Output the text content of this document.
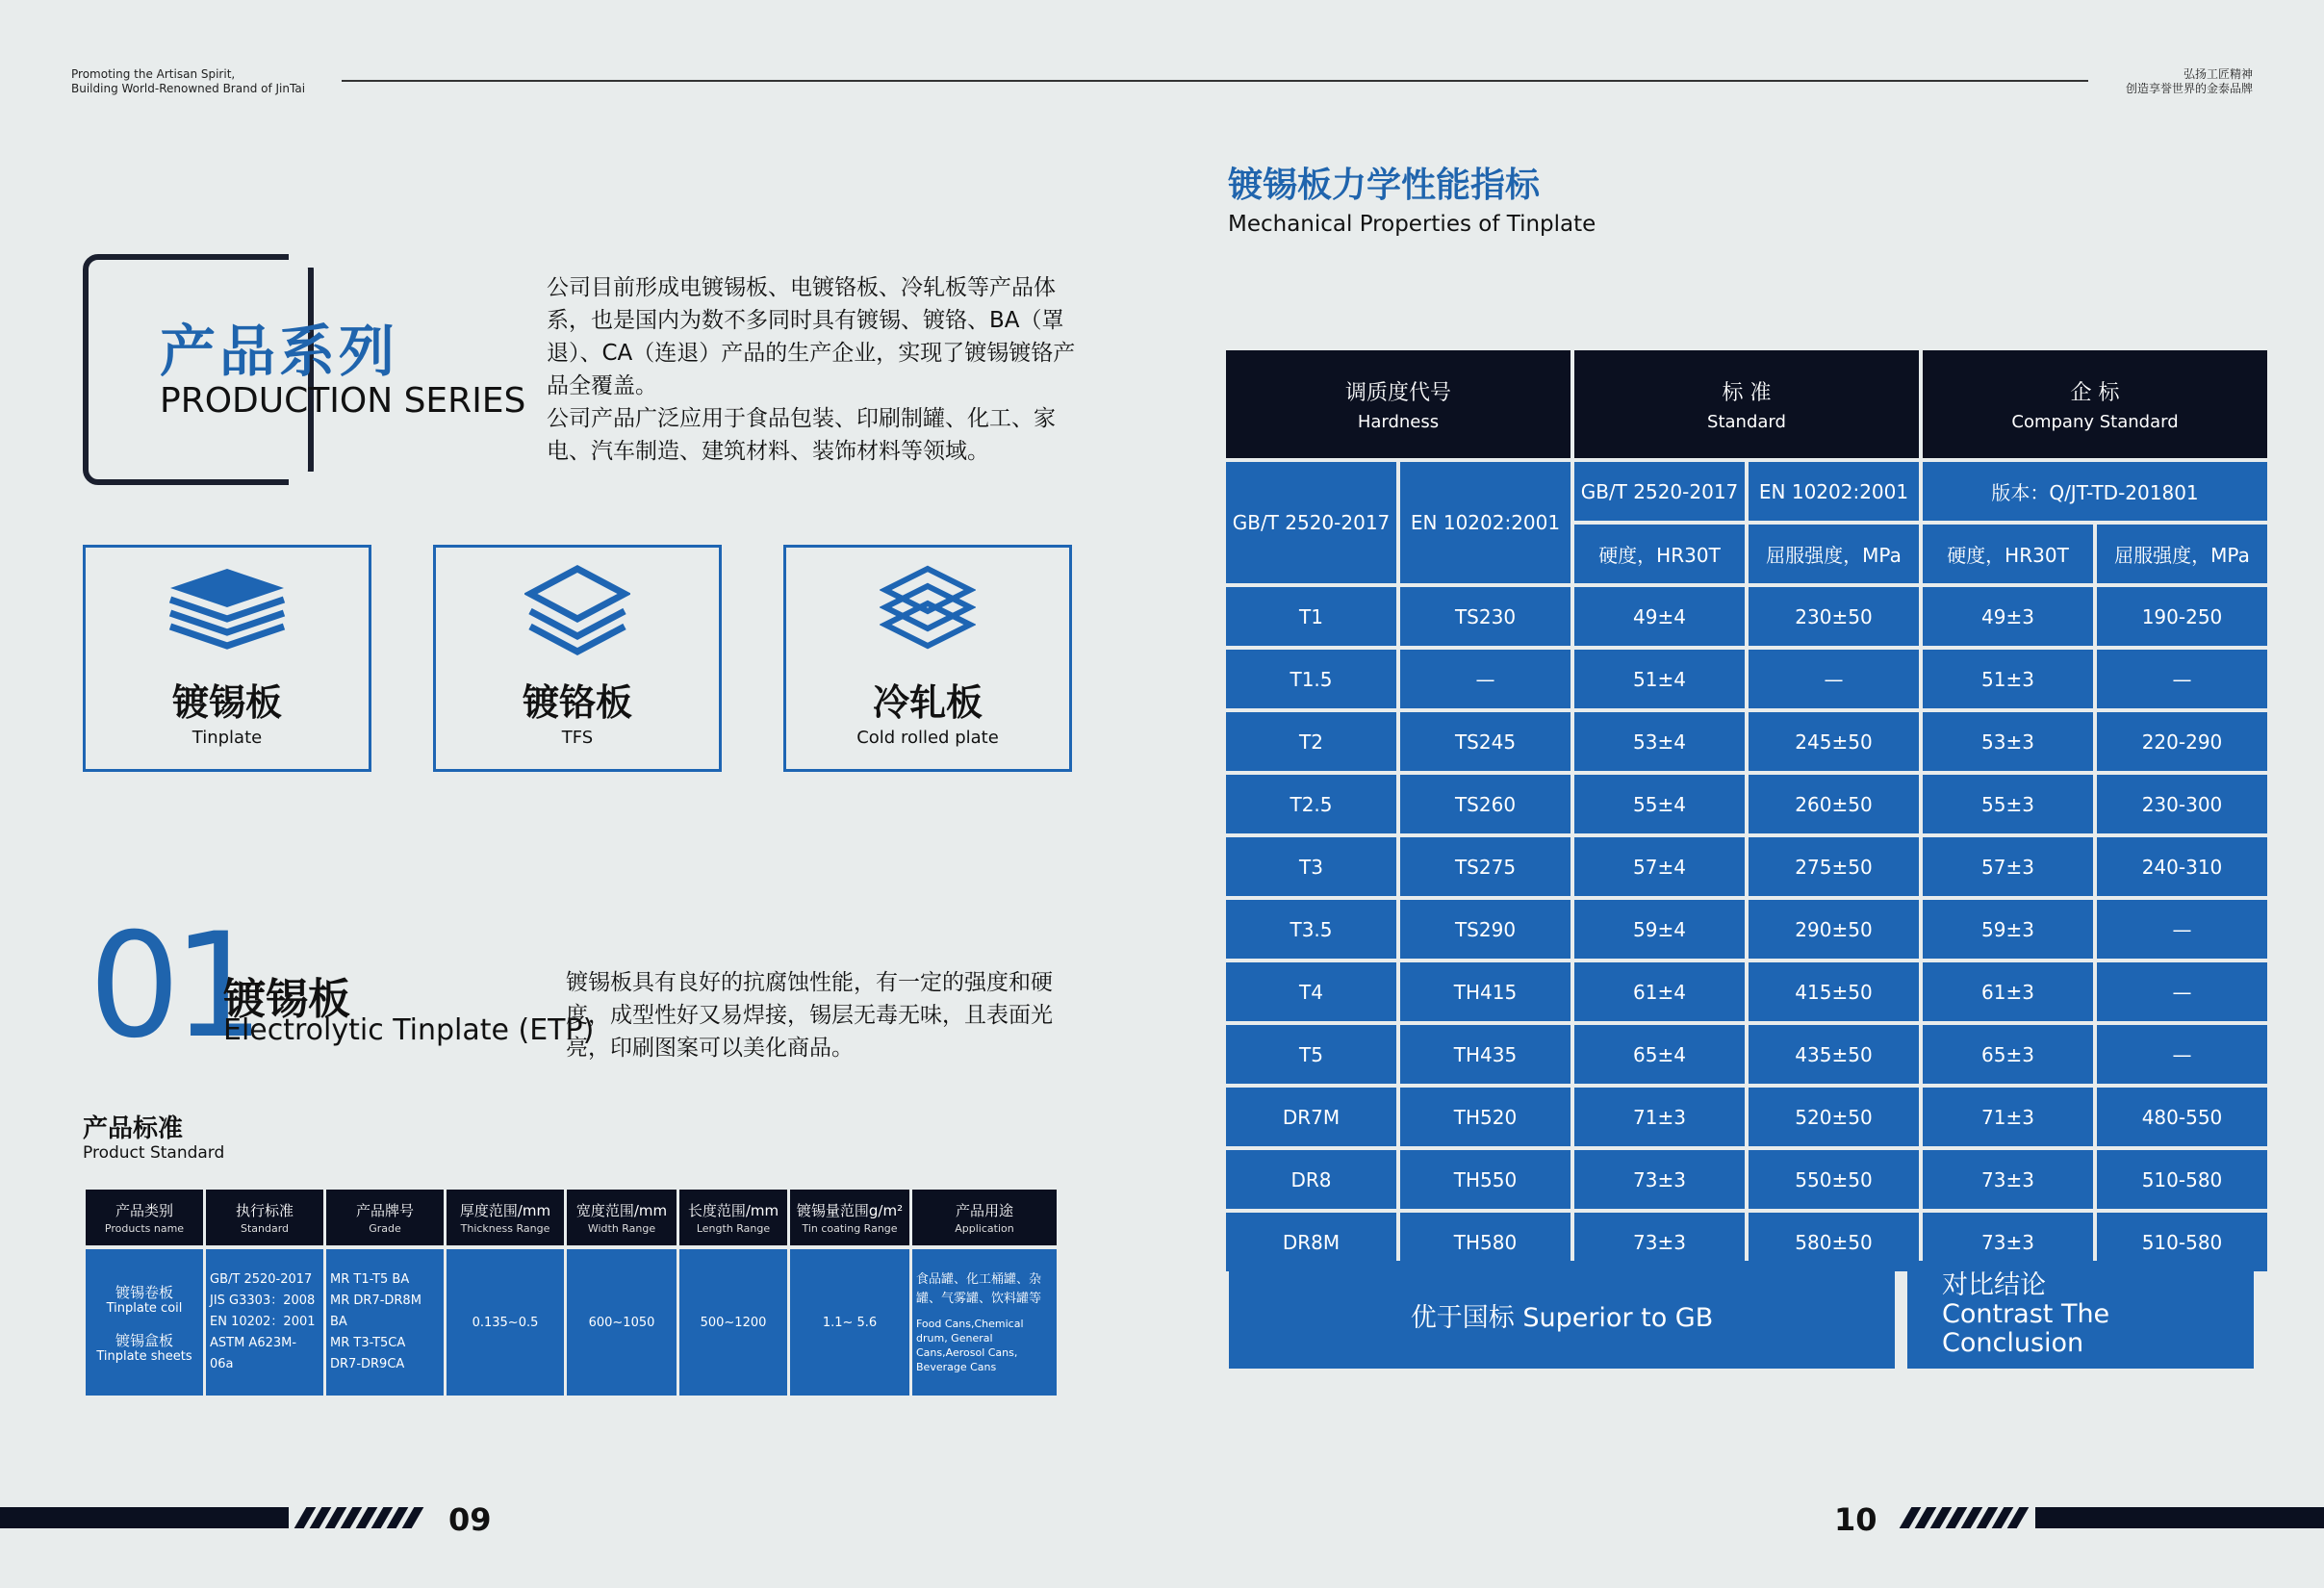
Promoting the Artisan Spirit,
Building World-Renowned Brand of JinTai
弘扬工匠精神
创造享誉世界的金泰品牌
产品系列
PRODUCTION SERIES
公司目前形成电镀锡板、电镀铬板、冷轧板等产品体系，也是国内为数不多同时具有镀锡、镀铬、BA（罩退）、CA（连退）产品的生产企业，实现了镀锡镀铬产品全覆盖。
公司产品广泛应用于食品包装、印刷制罐、化工、家电、汽车制造、建筑材料、装饰材料等领域。
镀锡板
Tinplate
镀铬板
TFS
冷轧板
Cold rolled plate
01
镀锡板
Electrolytic Tinplate (ETP)
镀锡板具有良好的抗腐蚀性能，有一定的强度和硬度，成型性好又易焊接，锡层无毒无味，且表面光亮，印刷图案可以美化商品。
产品标准
Product Standard
产品类别
Products name	执行标准
Standard	产品牌号
Grade	厚度范围/mm
Thickness Range	宽度范围/mm
Width Range	长度范围/mm
Length Range	镀锡量范围g/m²
Tin coating Range	产品用途
Application

镀锡卷板
Tinplate coil
镀锡盒板
Tinplate sheets	GB/T 2520-2017
JIS G3303：2008
EN 10202：2001
ASTM A623M-06a	MR T1-T5 BA
MR DR7-DR8M BA
MR T3-T5CA
DR7-DR9CA	0.135~0.5	600~1050	500~1200	1.1~ 5.6	食品罐、化工桶罐、杂罐、气雾罐、饮料罐等
Food Cans,Chemical drum, General Cans,Aerosol Cans, Beverage Cans
镀锡板力学性能指标
Mechanical Properties of Tinplate
调质度代号
Hardness		标 准
Standard		企 标
Company Standard	

GB/T 2520-2017	EN 10202:2001	GB/T 2520-2017	EN 10202:2001	版本：Q/JT-TD-201801	
		硬度，HR30T	屈服强度，MPa	硬度，HR30T	屈服强度，MPa
T1	TS230	49±4	230±50	49±3	190-250
T1.5	—	51±4	—	51±3	—
T2	TS245	53±4	245±50	53±3	220-290
T2.5	TS260	55±4	260±50	55±3	230-300
T3	TS275	57±4	275±50	57±3	240-310
T3.5	TS290	59±4	290±50	59±3	—
T4	TH415	61±4	415±50	61±3	—
T5	TH435	65±4	435±50	65±3	—
DR7M	TH520	71±3	520±50	71±3	480-550
DR8	TH550	73±3	550±50	73±3	510-580
DR8M	TH580	73±3	580±50	73±3	510-580
优于国标 Superior to GB
对比结论
Contrast The Conclusion
09	10
